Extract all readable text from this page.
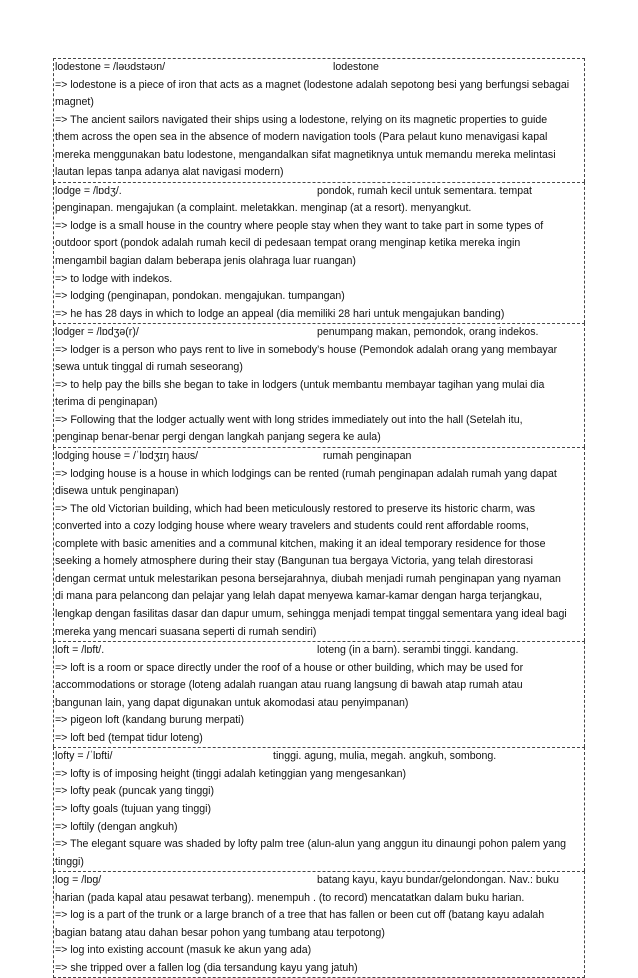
lodestone = /ləʊdstəʊn/	lodestone
=> lodestone is a piece of iron that acts as a magnet (lodestone adalah sepotong besi yang berfungsi sebagai
magnet)
=> The ancient sailors navigated their ships using a lodestone, relying on its magnetic properties to guide
them across the open sea in the absence of modern navigation tools (Para pelaut kuno menavigasi kapal
mereka menggunakan batu lodestone, mengandalkan sifat magnetiknya untuk memandu mereka melintasi
lautan lepas tanpa adanya alat navigasi modern)
lodge = /lɒdʒ/.	pondok, rumah kecil untuk sementara. tempat
penginapan. mengajukan (a complaint. meletakkan. menginap (at a resort). menyangkut.
=> lodge is a small house in the country where people stay when they want to take part in some types of
outdoor sport (pondok adalah rumah kecil di pedesaan tempat orang menginap ketika mereka ingin
mengambil bagian dalam beberapa jenis olahraga luar ruangan)
=> to lodge with indekos.
=> lodging (penginapan, pondokan. mengajukan. tumpangan)
=> he has 28 days in which to lodge an appeal (dia memiliki 28 hari untuk mengajukan banding)
lodger = /lɒdʒə(r)/	penumpang makan, pemondok, orang indekos.
=> lodger is a person who pays rent to live in somebody’s house (Pemondok adalah orang yang membayar
sewa untuk tinggal di rumah seseorang)
=> to help pay the bills she began to take in lodgers (untuk membantu membayar tagihan yang mulai dia
terima di penginapan)
=> Following that the lodger actually went with long strides immediately out into the hall (Setelah itu,
penginap benar-benar pergi dengan langkah panjang segera ke aula)
lodging house = /ˈlɒdʒɪŋ haʊs/	rumah penginapan
=> lodging house is a house in which lodgings can be rented (rumah penginapan adalah rumah yang dapat
disewa untuk penginapan)
=> The old Victorian building, which had been meticulously restored to preserve its historic charm, was
converted into a cozy lodging house where weary travelers and students could rent affordable rooms,
complete with basic amenities and a communal kitchen, making it an ideal temporary residence for those
seeking a homely atmosphere during their stay (Bangunan tua bergaya Victoria, yang telah direstorasi
dengan cermat untuk melestarikan pesona bersejarahnya, diubah menjadi rumah penginapan yang nyaman
di mana para pelancong dan pelajar yang lelah dapat menyewa kamar-kamar dengan harga terjangkau,
lengkap dengan fasilitas dasar dan dapur umum, sehingga menjadi tempat tinggal sementara yang ideal bagi
mereka yang mencari suasana seperti di rumah sendiri)
loft = /lɒft/.	loteng (in a barn). serambi tinggi. kandang.
=> loft is a room or space directly under the roof of a house or other building, which may be used for
accommodations or storage (loteng adalah ruangan atau ruang langsung di bawah atap rumah atau
bangunan lain, yang dapat digunakan untuk akomodasi atau penyimpanan)
=> pigeon loft (kandang burung merpati)
=> loft bed (tempat tidur loteng)
lofty = /ˈlɒfti/	tinggi. agung, mulia, megah. angkuh, sombong.
=> lofty is of imposing height (tinggi adalah ketinggian yang mengesankan)
=> lofty peak (puncak yang tinggi)
=> lofty goals (tujuan yang tinggi)
=> loftily (dengan angkuh)
=> The elegant square was shaded by lofty palm tree (alun-alun yang anggun itu dinaungi pohon palem yang
tinggi)
log = /lɒg/	batang kayu, kayu bundar/gelondongan. Nav.: buku
harian (pada kapal atau pesawat terbang). menempuh . (to record) mencatatkan dalam buku harian.
=> log is a part of the trunk or a large branch of a tree that has fallen or been cut off (batang kayu adalah
bagian batang atau dahan besar pohon yang tumbang atau terpotong)
=> log into existing account (masuk ke akun yang ada)
=> she tripped over a fallen log (dia tersandung kayu yang jatuh)
